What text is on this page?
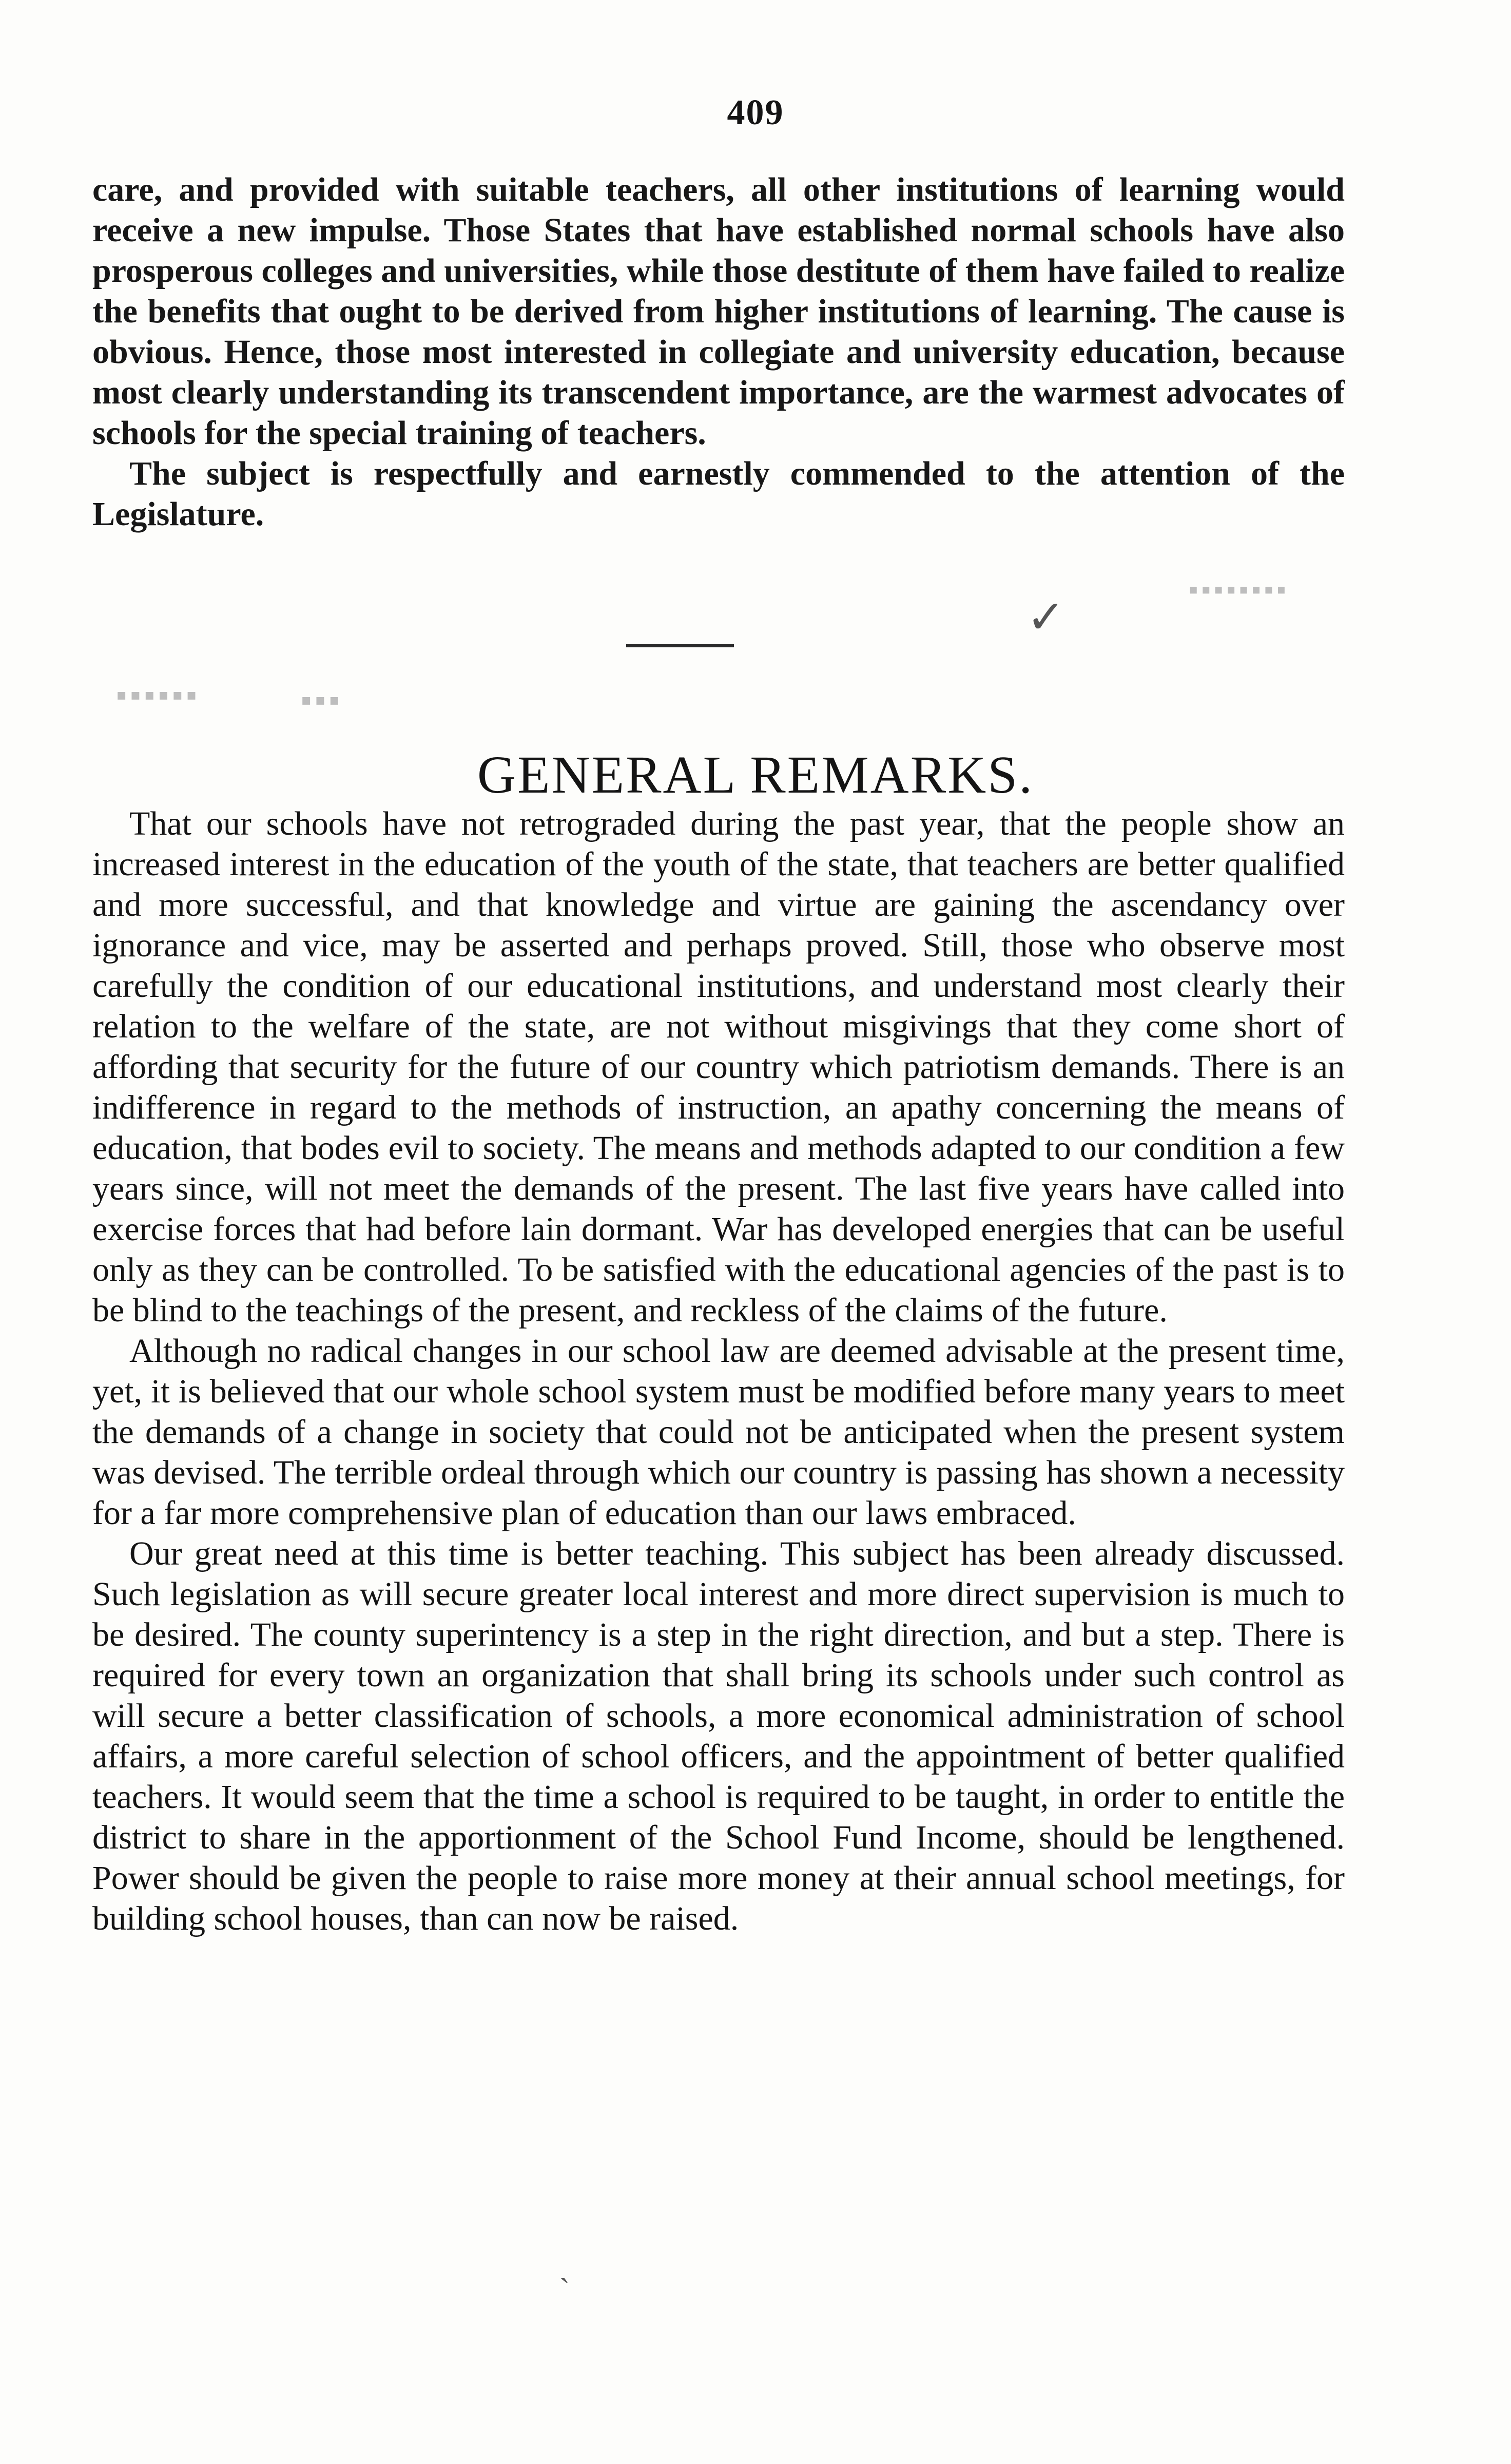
409

care, and provided with suitable teachers, all other institutions of learning would receive a new impulse. Those States that have established normal schools have also prosperous colleges and universities, while those destitute of them have failed to realize the benefits that ought to be derived from higher institutions of learning. The cause is obvious. Hence, those most interested in collegiate and university education, because most clearly understanding its transcendent importance, are the warmest advocates of schools for the special training of teachers.

The subject is respectfully and earnestly commended to the attention of the Legislature.

▪▪▪▪▪▪▪▪
✓
▪▪▪▪▪▪	▪▪▪
GENERAL REMARKS.

That our schools have not retrograded during the past year, that the people show an increased interest in the education of the youth of the state, that teachers are better qualified and more successful, and that knowledge and virtue are gaining the ascendancy over ignorance and vice, may be asserted and perhaps proved. Still, those who observe most carefully the condition of our educational institutions, and understand most clearly their relation to the welfare of the state, are not without misgivings that they come short of affording that security for the future of our country which patriotism demands. There is an indifference in regard to the methods of instruction, an apathy concerning the means of education, that bodes evil to society. The means and methods adapted to our condition a few years since, will not meet the demands of the present. The last five years have called into exercise forces that had before lain dormant. War has developed energies that can be useful only as they can be controlled. To be satisfied with the educational agencies of the past is to be blind to the teachings of the present, and reckless of the claims of the future.

Although no radical changes in our school law are deemed advisable at the present time, yet, it is believed that our whole school system must be modified before many years to meet the demands of a change in society that could not be anticipated when the present system was devised. The terrible ordeal through which our country is passing has shown a necessity for a far more comprehensive plan of education than our laws embraced.

Our great need at this time is better teaching. This subject has been already discussed. Such legislation as will secure greater local interest and more direct supervision is much to be desired. The county superintency is a step in the right direction, and but a step. There is required for every town an organization that shall bring its schools under such control as will secure a better classification of schools, a more economical administration of school affairs, a more careful selection of school officers, and the appointment of better qualified teachers. It would seem that the time a school is required to be taught, in order to entitle the district to share in the apportionment of the School Fund Income, should be lengthened. Power should be given the people to raise more money at their annual school meetings, for building school houses, than can now be raised.

ˎ
